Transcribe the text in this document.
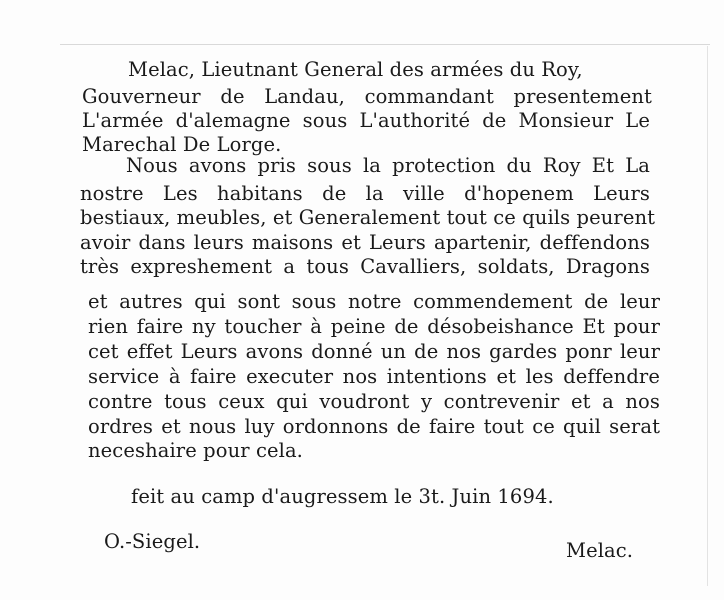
Melac, Lieutnant General des armées du Roy,
Gouverneur de Landau, commandant presentement
L'armée d'alemagne sous L'authorité de Monsieur Le
Marechal De Lorge.
Nous avons pris sous la protection du Roy Et La
nostre Les habitans de la ville d'hopenem Leurs
bestiaux, meubles, et Generalement tout ce quils peurent
avoir dans leurs maisons et Leurs apartenir, deffendons
très expreshement a tous Cavalliers, soldats, Dragons
et autres qui sont sous notre commendement de leur
rien faire ny toucher à peine de désobeishance Et pour
cet effet Leurs avons donné un de nos gardes ponr leur
service à faire executer nos intentions et les deffendre
contre tous ceux qui voudront y contrevenir et a nos
ordres et nous luy ordonnons de faire tout ce quil serat
neceshaire pour cela.
feit au camp d'augressem le 3t. Juin 1694.
O.-Siegel.	Melac.
